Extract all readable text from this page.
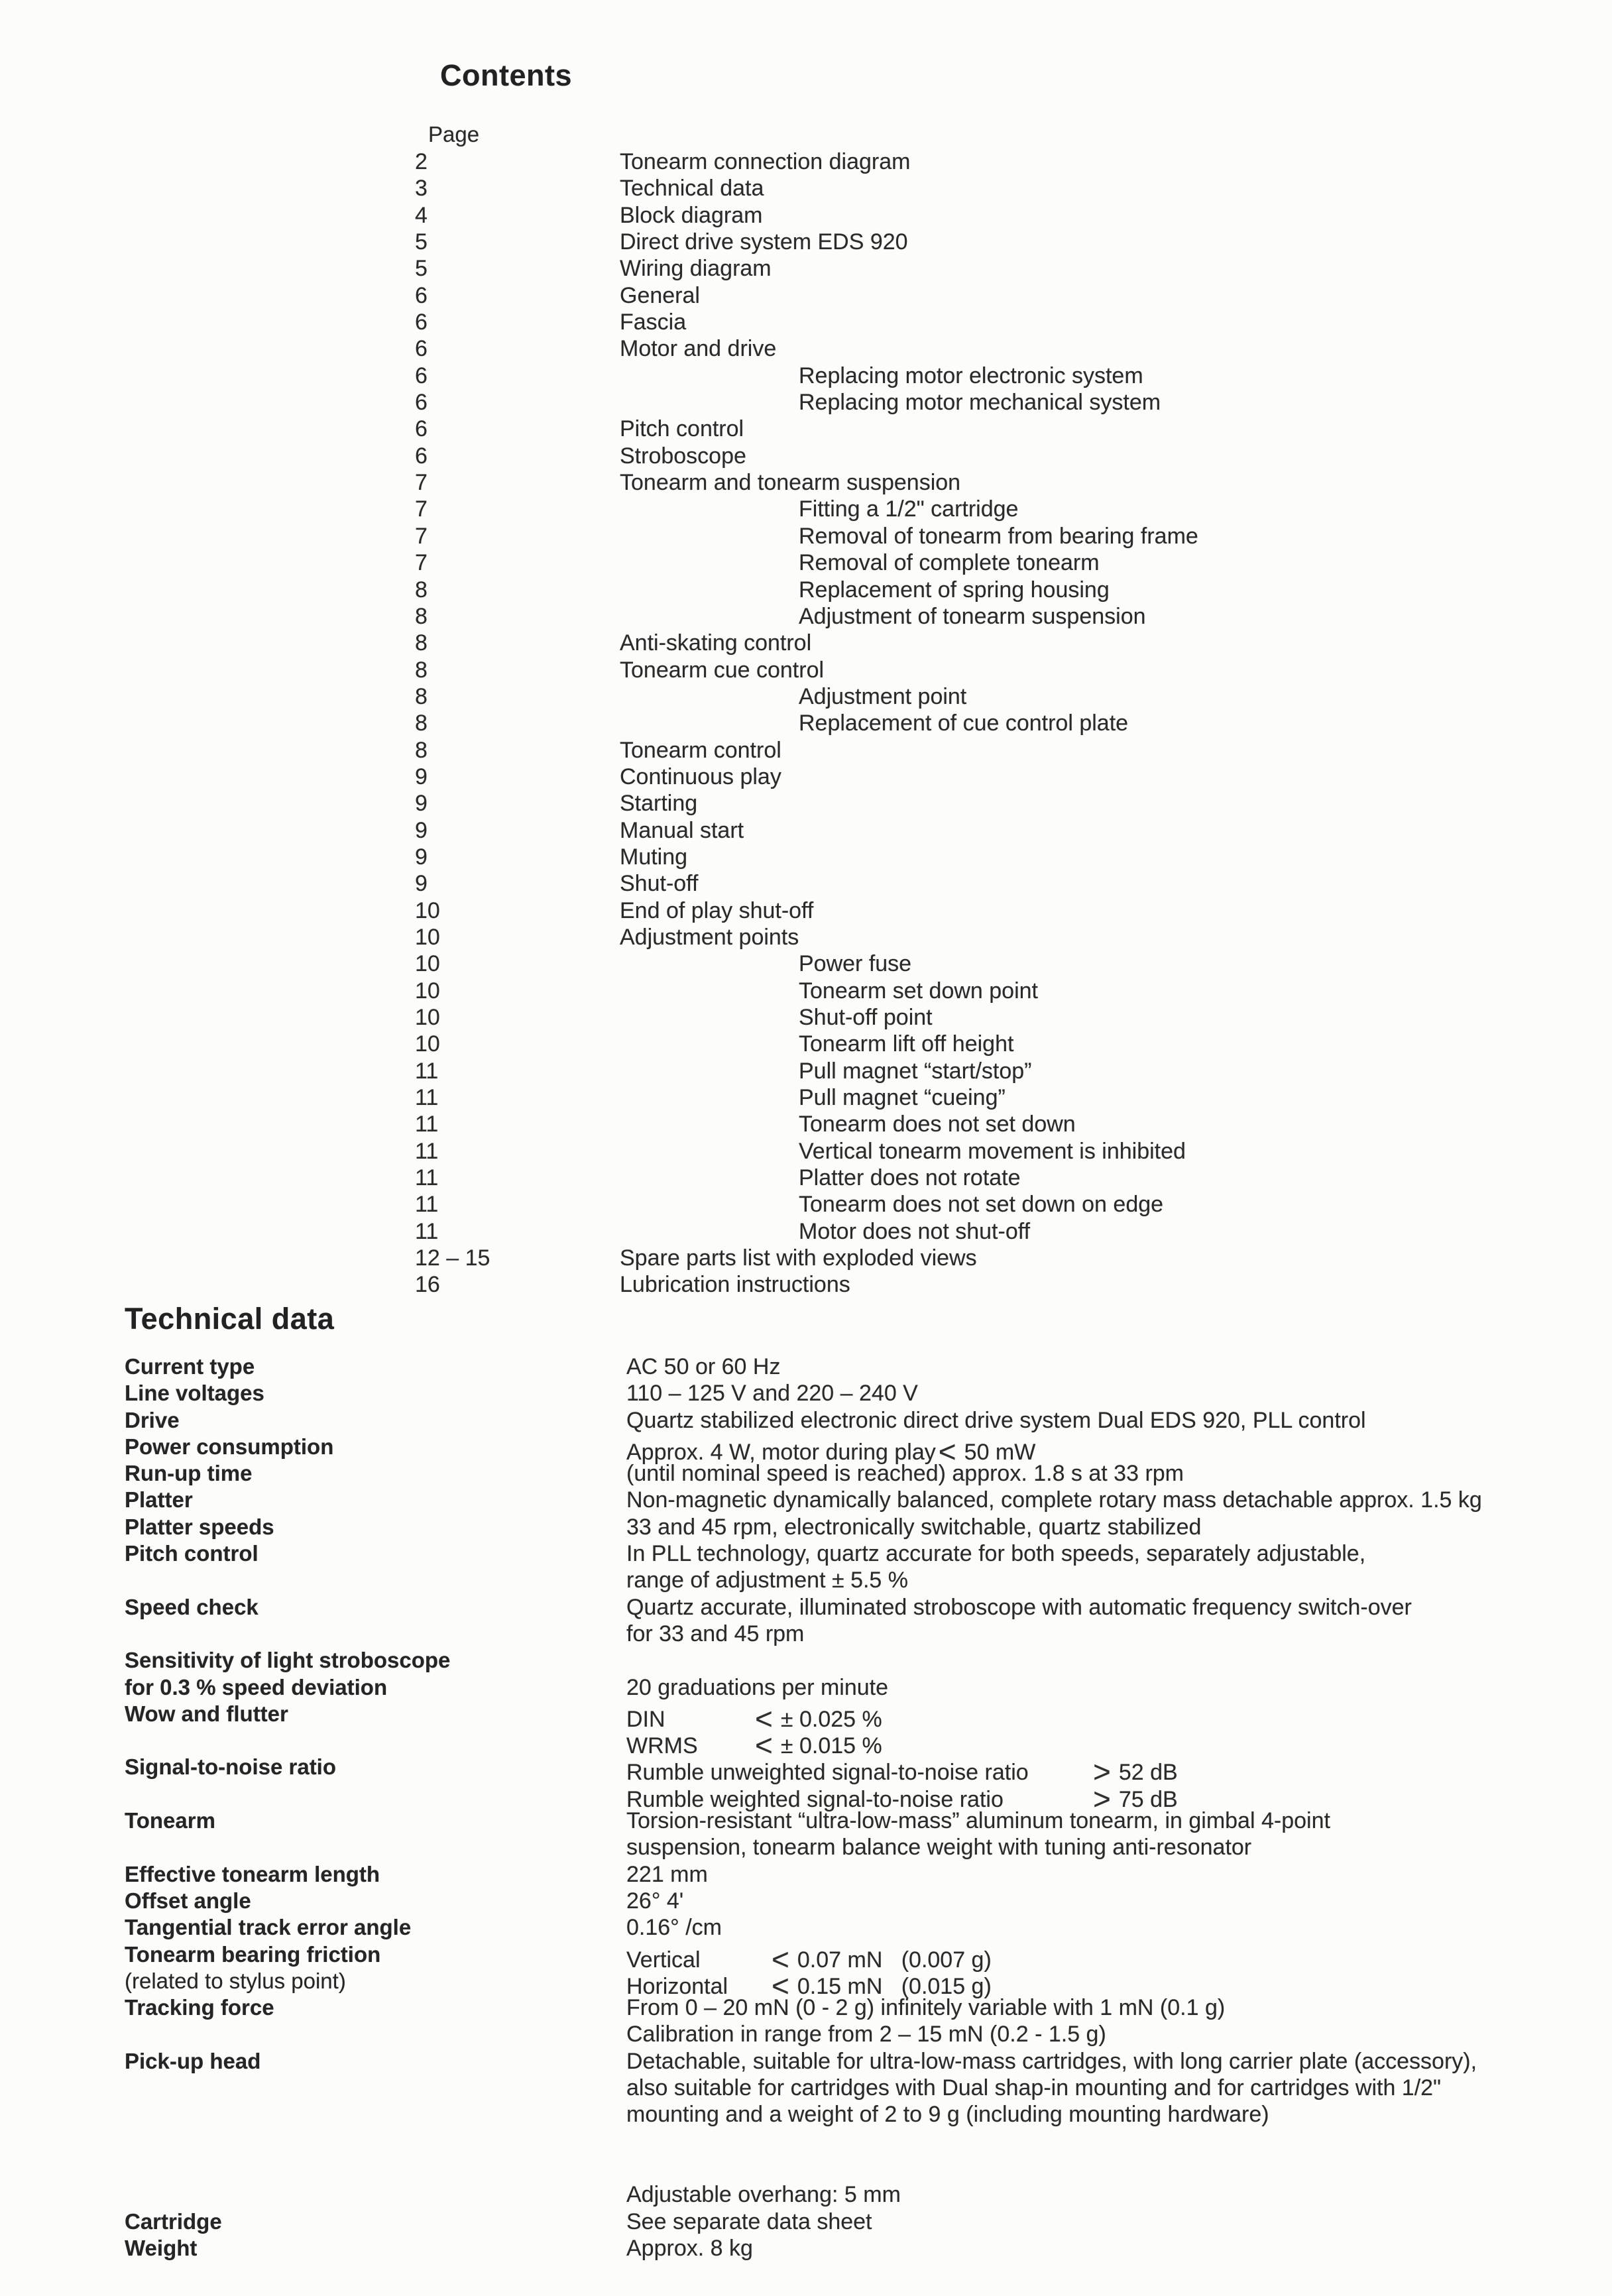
Contents
Page
2	Tonearm connection diagram
3	Technical data
4	Block diagram
5	Direct drive system EDS 920
5	Wiring diagram
6	General
6	Fascia
6	Motor and drive
6	Replacing motor electronic system
6	Replacing motor mechanical system
6	Pitch control
6	Stroboscope
7	Tonearm and tonearm suspension
7	Fitting a 1/2" cartridge
7	Removal of tonearm from bearing frame
7	Removal of complete tonearm
8	Replacement of spring housing
8	Adjustment of tonearm suspension
8	Anti-skating control
8	Tonearm cue control
8	Adjustment point
8	Replacement of cue control plate
8	Tonearm control
9	Continuous play
9	Starting
9	Manual start
9	Muting
9	Shut-off
10	End of play shut-off
10	Adjustment points
10	Power fuse
10	Tonearm set down point
10	Shut-off point
10	Tonearm lift off height
11	Pull magnet “start/stop”
11	Pull magnet “cueing”
11	Tonearm does not set down
11	Vertical tonearm movement is inhibited
11	Platter does not rotate
11	Tonearm does not set down on edge
11	Motor does not shut-off
12 – 15	Spare parts list with exploded views
16	Lubrication instructions
Technical data
Current type	AC 50 or 60 Hz
Line voltages	110 – 125 V and 220 – 240 V
Drive	Quartz stabilized electronic direct drive system Dual EDS 920, PLL control
Power consumption	Approx. 4 W, motor during play < 50 mW
Run-up time	(until nominal speed is reached) approx. 1.8 s at 33 rpm
Platter	Non-magnetic dynamically balanced, complete rotary mass detachable approx. 1.5 kg
Platter speeds	33 and 45 rpm, electronically switchable, quartz stabilized
Pitch control	In PLL technology, quartz accurate for both speeds, separately adjustable,
range of adjustment ± 5.5 %
Speed check	Quartz accurate, illuminated stroboscope with automatic frequency switch-over
for 33 and 45 rpm
Sensitivity of light stroboscope
for 0.3 % speed deviation	20 graduations per minute
Wow and flutter	DIN	< ± 0.025 %
WRMS	< ± 0.015 %
Signal-to-noise ratio	Rumble unweighted signal-to-noise ratio	> 52 dB
Rumble weighted signal-to-noise ratio	> 75 dB
Tonearm	Torsion-resistant “ultra-low-mass” aluminum tonearm, in gimbal 4-point
suspension, tonearm balance weight with tuning anti-resonator
Effective tonearm length	221 mm
Offset angle	26° 4'
Tangential track error angle	0.16° /cm
Tonearm bearing friction	Vertical	< 0.07 mN   (0.007 g)
(related to stylus point)	Horizontal	< 0.15 mN   (0.015 g)
Tracking force	From 0 – 20 mN (0 - 2 g) infinitely variable with 1 mN (0.1 g)
Calibration in range from 2 – 15 mN (0.2 - 1.5 g)
Pick-up head	Detachable, suitable for ultra-low-mass cartridges, with long carrier plate (accessory),
also suitable for cartridges with Dual shap-in mounting and for cartridges with 1/2"
mounting and a weight of 2 to 9 g (including mounting hardware)
Adjustable overhang: 5 mm
Cartridge	See separate data sheet
Weight	Approx. 8 kg
